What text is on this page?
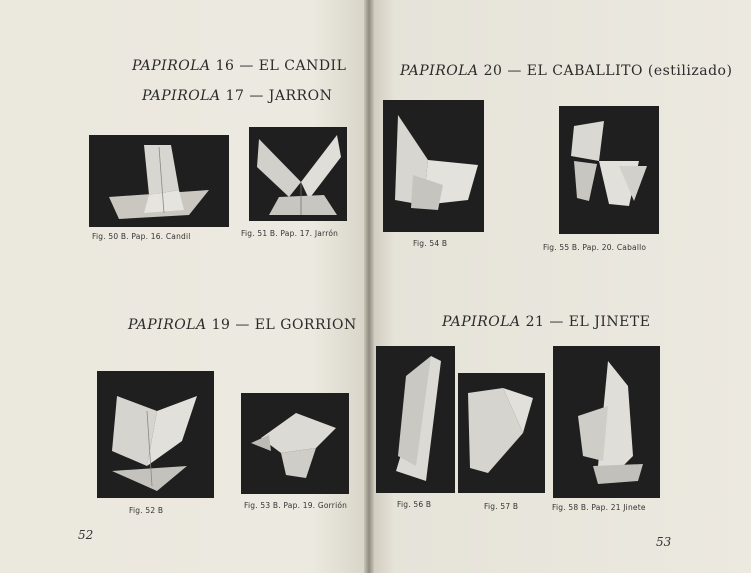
PAPIROLA 16 — EL CANDIL
PAPIROLA 17 — JARRON
PAPIROLA 19 — EL GORRION
Fig. 50 B. Pap. 16. Candil	Fig. 51 B. Pap. 17. Jarrón
Fig. 52 B
Fig. 53 B. Pap. 19. Gorrión
52
PAPIROLA 20 — EL CABALLITO (estilizado)
PAPIROLA 21 — EL JINETE
Fig. 54 B	Fig. 55 B. Pap. 20. Caballo
Fig. 56 B	Fig. 57 B	Fig. 58 B. Pap. 21 Jinete
53
